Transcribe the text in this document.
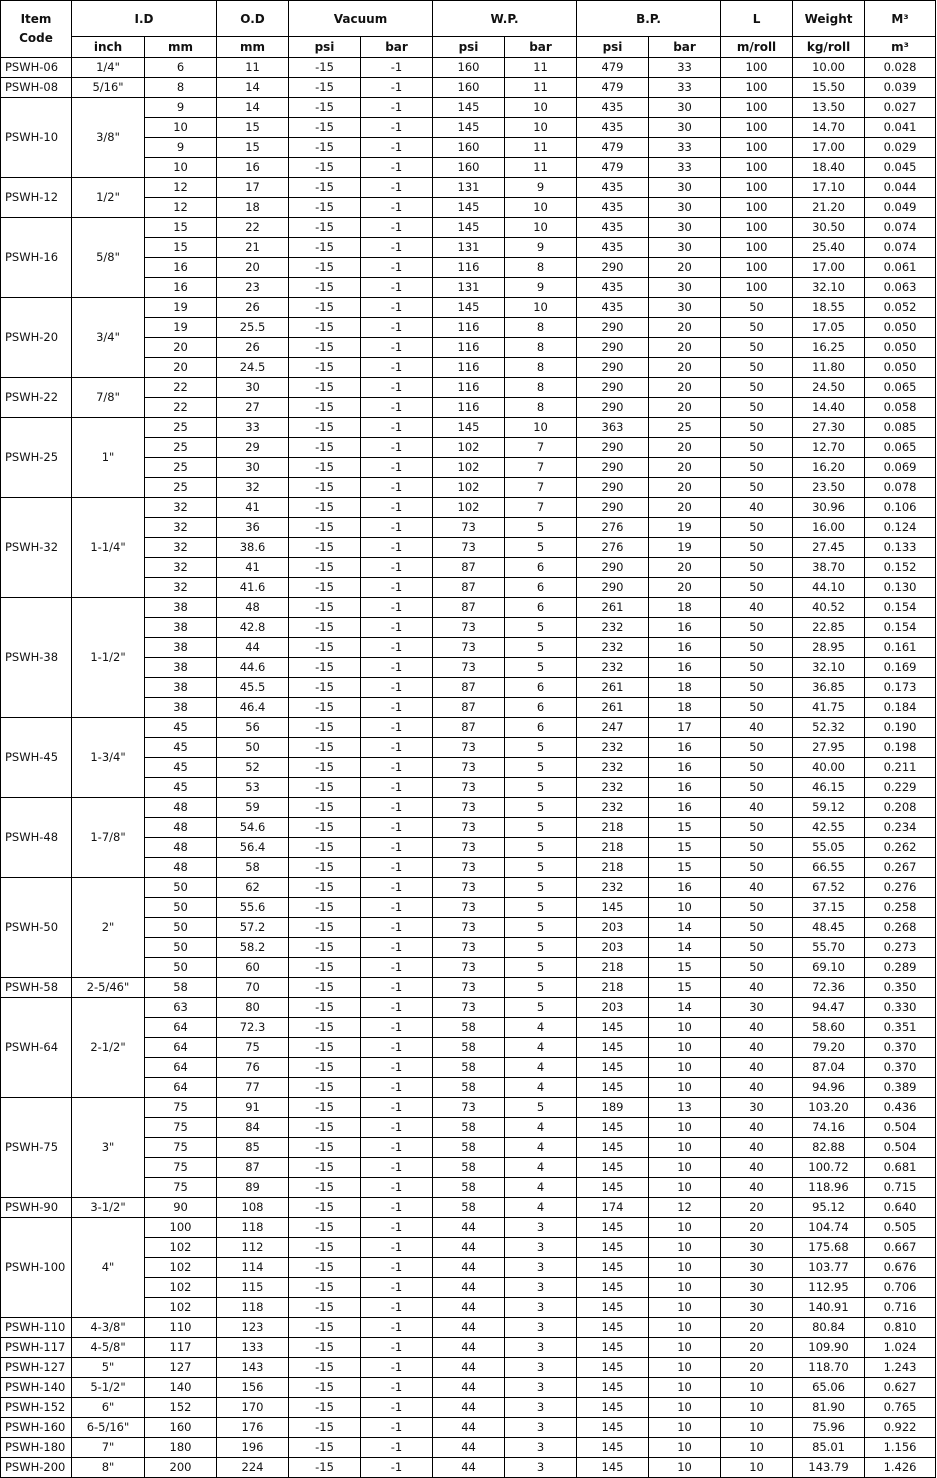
Item
Code	I.D		O.D	Vacuum		W.P.		B.P.		L	Weight	M³
	inch	mm	mm	psi	bar	psi	bar	psi	bar	m/roll	kg/roll	m³
PSWH-06	1/4"	6	11	-15	-1	160	11	479	33	100	10.00	0.028
PSWH-08	5/16"	8	14	-15	-1	160	11	479	33	100	15.50	0.039
PSWH-10	3/8"	9	14	-15	-1	145	10	435	30	100	13.50	0.027
		10	15	-15	-1	145	10	435	30	100	14.70	0.041
		9	15	-15	-1	160	11	479	33	100	17.00	0.029
		10	16	-15	-1	160	11	479	33	100	18.40	0.045
PSWH-12	1/2"	12	17	-15	-1	131	9	435	30	100	17.10	0.044
		12	18	-15	-1	145	10	435	30	100	21.20	0.049
PSWH-16	5/8"	15	22	-15	-1	145	10	435	30	100	30.50	0.074
		15	21	-15	-1	131	9	435	30	100	25.40	0.074
		16	20	-15	-1	116	8	290	20	100	17.00	0.061
		16	23	-15	-1	131	9	435	30	100	32.10	0.063
PSWH-20	3/4"	19	26	-15	-1	145	10	435	30	50	18.55	0.052
		19	25.5	-15	-1	116	8	290	20	50	17.05	0.050
		20	26	-15	-1	116	8	290	20	50	16.25	0.050
		20	24.5	-15	-1	116	8	290	20	50	11.80	0.050
PSWH-22	7/8"	22	30	-15	-1	116	8	290	20	50	24.50	0.065
		22	27	-15	-1	116	8	290	20	50	14.40	0.058
PSWH-25	1"	25	33	-15	-1	145	10	363	25	50	27.30	0.085
		25	29	-15	-1	102	7	290	20	50	12.70	0.065
		25	30	-15	-1	102	7	290	20	50	16.20	0.069
		25	32	-15	-1	102	7	290	20	50	23.50	0.078
PSWH-32	1-1/4"	32	41	-15	-1	102	7	290	20	40	30.96	0.106
		32	36	-15	-1	73	5	276	19	50	16.00	0.124
		32	38.6	-15	-1	73	5	276	19	50	27.45	0.133
		32	41	-15	-1	87	6	290	20	50	38.70	0.152
		32	41.6	-15	-1	87	6	290	20	50	44.10	0.130
PSWH-38	1-1/2"	38	48	-15	-1	87	6	261	18	40	40.52	0.154
		38	42.8	-15	-1	73	5	232	16	50	22.85	0.154
		38	44	-15	-1	73	5	232	16	50	28.95	0.161
		38	44.6	-15	-1	73	5	232	16	50	32.10	0.169
		38	45.5	-15	-1	87	6	261	18	50	36.85	0.173
		38	46.4	-15	-1	87	6	261	18	50	41.75	0.184
PSWH-45	1-3/4"	45	56	-15	-1	87	6	247	17	40	52.32	0.190
		45	50	-15	-1	73	5	232	16	50	27.95	0.198
		45	52	-15	-1	73	5	232	16	50	40.00	0.211
		45	53	-15	-1	73	5	232	16	50	46.15	0.229
PSWH-48	1-7/8"	48	59	-15	-1	73	5	232	16	40	59.12	0.208
		48	54.6	-15	-1	73	5	218	15	50	42.55	0.234
		48	56.4	-15	-1	73	5	218	15	50	55.05	0.262
		48	58	-15	-1	73	5	218	15	50	66.55	0.267
PSWH-50	2"	50	62	-15	-1	73	5	232	16	40	67.52	0.276
		50	55.6	-15	-1	73	5	145	10	50	37.15	0.258
		50	57.2	-15	-1	73	5	203	14	50	48.45	0.268
		50	58.2	-15	-1	73	5	203	14	50	55.70	0.273
		50	60	-15	-1	73	5	218	15	50	69.10	0.289
PSWH-58	2-5/46"	58	70	-15	-1	73	5	218	15	40	72.36	0.350
PSWH-64	2-1/2"	63	80	-15	-1	73	5	203	14	30	94.47	0.330
		64	72.3	-15	-1	58	4	145	10	40	58.60	0.351
		64	75	-15	-1	58	4	145	10	40	79.20	0.370
		64	76	-15	-1	58	4	145	10	40	87.04	0.370
		64	77	-15	-1	58	4	145	10	40	94.96	0.389
PSWH-75	3"	75	91	-15	-1	73	5	189	13	30	103.20	0.436
		75	84	-15	-1	58	4	145	10	40	74.16	0.504
		75	85	-15	-1	58	4	145	10	40	82.88	0.504
		75	87	-15	-1	58	4	145	10	40	100.72	0.681
		75	89	-15	-1	58	4	145	10	40	118.96	0.715
PSWH-90	3-1/2"	90	108	-15	-1	58	4	174	12	20	95.12	0.640
PSWH-100	4"	100	118	-15	-1	44	3	145	10	20	104.74	0.505
		102	112	-15	-1	44	3	145	10	30	175.68	0.667
		102	114	-15	-1	44	3	145	10	30	103.77	0.676
		102	115	-15	-1	44	3	145	10	30	112.95	0.706
		102	118	-15	-1	44	3	145	10	30	140.91	0.716
PSWH-110	4-3/8"	110	123	-15	-1	44	3	145	10	20	80.84	0.810
PSWH-117	4-5/8"	117	133	-15	-1	44	3	145	10	20	109.90	1.024
PSWH-127	5"	127	143	-15	-1	44	3	145	10	20	118.70	1.243
PSWH-140	5-1/2"	140	156	-15	-1	44	3	145	10	10	65.06	0.627
PSWH-152	6"	152	170	-15	-1	44	3	145	10	10	81.90	0.765
PSWH-160	6-5/16"	160	176	-15	-1	44	3	145	10	10	75.96	0.922
PSWH-180	7"	180	196	-15	-1	44	3	145	10	10	85.01	1.156
PSWH-200	8"	200	224	-15	-1	44	3	145	10	10	143.79	1.426
